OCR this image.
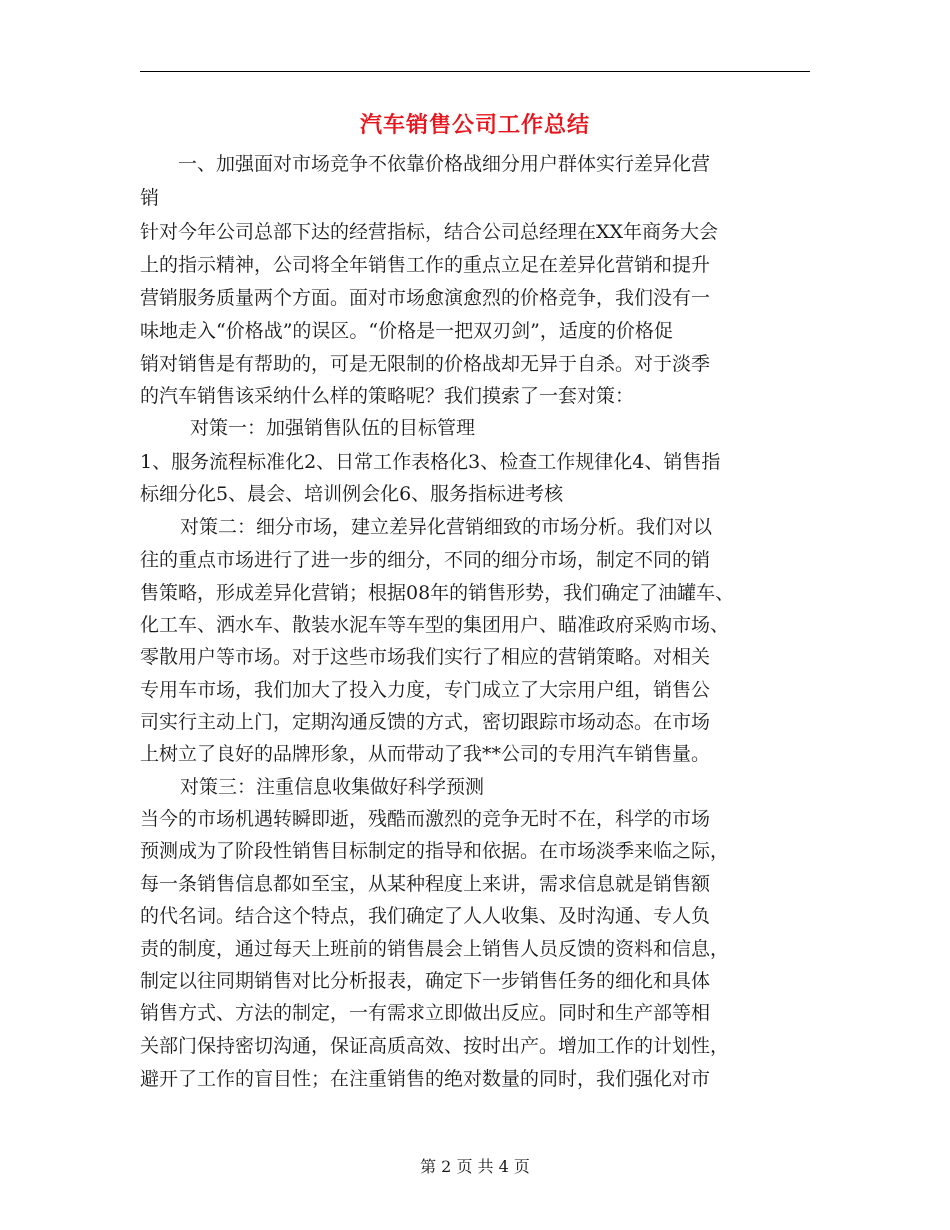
汽车销售公司工作总结
一、加强面对市场竞争不依靠价格战细分用户群体实行差异化营
销
针对今年公司总部下达的经营指标，结合公司总经理在XX年商务大会
上的指示精神，公司将全年销售工作的重点立足在差异化营销和提升
营销服务质量两个方面。面对市场愈演愈烈的价格竞争，我们没有一
味地走入“价格战”的误区。“价格是一把双刃剑”，适度的价格促
销对销售是有帮助的，可是无限制的价格战却无异于自杀。对于淡季
的汽车销售该采纳什么样的策略呢？我们摸索了一套对策：
对策一：加强销售队伍的目标管理
1、服务流程标准化2、日常工作表格化3、检查工作规律化4、销售指
标细分化5、晨会、培训例会化6、服务指标进考核
对策二：细分市场，建立差异化营销细致的市场分析。我们对以
往的重点市场进行了进一步的细分，不同的细分市场，制定不同的销
售策略，形成差异化营销；根据08年的销售形势，我们确定了油罐车、
化工车、洒水车、散装水泥车等车型的集团用户、瞄准政府采购市场、
零散用户等市场。对于这些市场我们实行了相应的营销策略。对相关
专用车市场，我们加大了投入力度，专门成立了大宗用户组，销售公
司实行主动上门，定期沟通反馈的方式，密切跟踪市场动态。在市场
上树立了良好的品牌形象，从而带动了我**公司的专用汽车销售量。
对策三：注重信息收集做好科学预测
当今的市场机遇转瞬即逝，残酷而激烈的竞争无时不在，科学的市场
预测成为了阶段性销售目标制定的指导和依据。在市场淡季来临之际，
每一条销售信息都如至宝，从某种程度上来讲，需求信息就是销售额
的代名词。结合这个特点，我们确定了人人收集、及时沟通、专人负
责的制度，通过每天上班前的销售晨会上销售人员反馈的资料和信息，
制定以往同期销售对比分析报表，确定下一步销售任务的细化和具体
销售方式、方法的制定，一有需求立即做出反应。同时和生产部等相
关部门保持密切沟通，保证高质高效、按时出产。增加工作的计划性，
避开了工作的盲目性；在注重销售的绝对数量的同时，我们强化对市
第 2 页 共 4 页
